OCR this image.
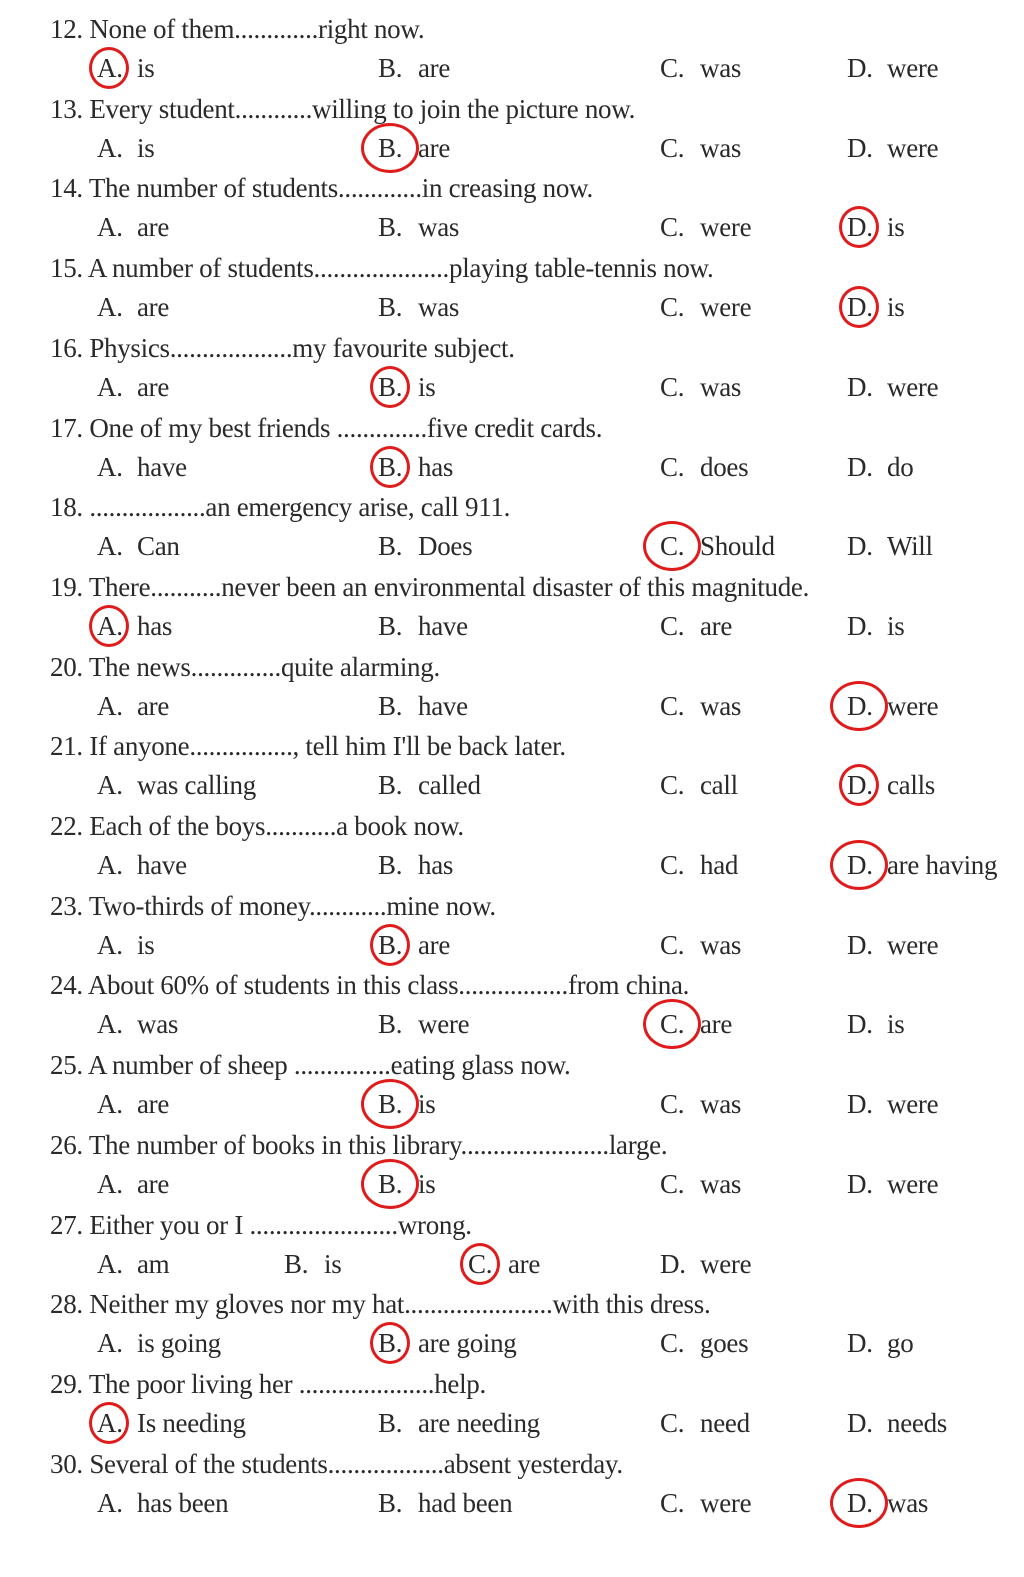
12. None of them.............right now.
A. is	B. are	C. was	D. were
13. Every student............willing to join the picture now.
A. is	B. are	C. was	D. were
14. The number of students.............in creasing now.
A. are	B. was	C. were	D. is
15. A number of students.....................playing table-tennis now.
A. are	B. was	C. were	D. is
16. Physics...................my favourite subject.
A. are	B. is	C. was	D. were
17. One of my best friends ..............five credit cards.
A. have	B. has	C. does	D. do
18. ..................an emergency arise, call 911.
A. Can	B. Does	C. Should	D. Will
19. There...........never been an environmental disaster of this magnitude.
A. has	B. have	C. are	D. is
20. The news..............quite alarming.
A. are	B. have	C. was	D. were
21. If anyone................, tell him I'll be back later.
A. was calling	B. called	C. call	D. calls
22. Each of the boys...........a book now.
A. have	B. has	C. had	D. are having
23. Two-thirds of money............mine now.
A. is	B. are	C. was	D. were
24. About 60% of students in this class.................from china.
A. was	B. were	C. are	D. is
25. A number of sheep ...............eating glass now.
A. are	B. is	C. was	D. were
26. The number of books in this library.......................large.
A. are	B. is	C. was	D. were
27. Either you or I .......................wrong.
A. am	B. is	C. are	D. were
28. Neither my gloves nor my hat.......................with this dress.
A. is going	B. are going	C. goes	D. go
29. The poor living her .....................help.
A. Is needing	B. are needing	C. need	D. needs
30. Several of the students..................absent yesterday.
A. has been	B. had been	C. were	D. was
